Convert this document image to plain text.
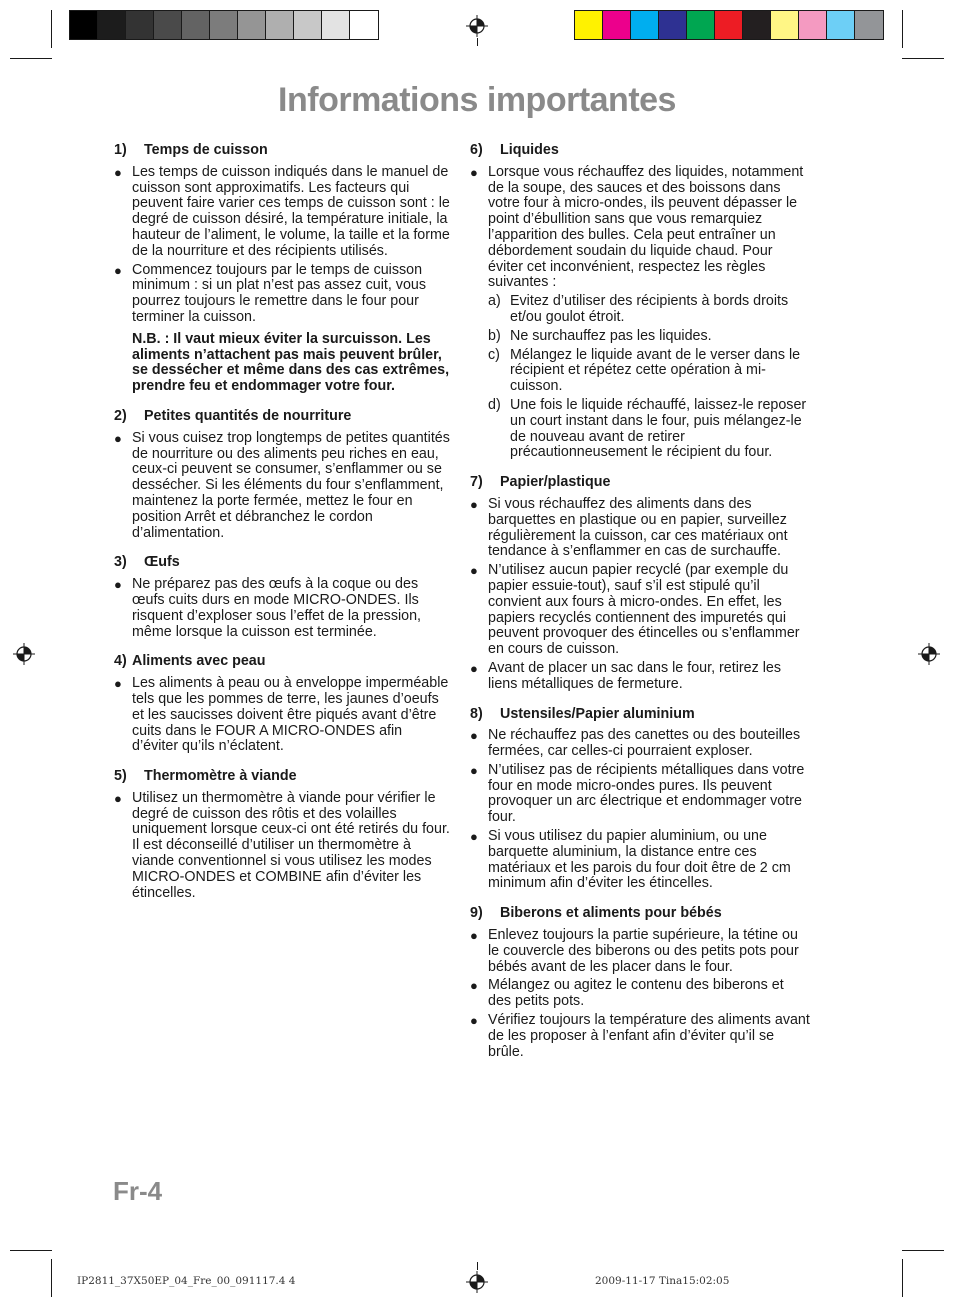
Informations importantes
1)	Temps de cuisson
● Les temps de cuisson indiqués dans le manuel de cuisson sont approximatifs. Les facteurs qui peuvent faire varier ces temps de cuisson sont : le degré de cuisson désiré, la température initiale, la hauteur de l’aliment, le volume, la taille et la forme de la nourriture et des récipients utilisés.
● Commencez toujours par le temps de cuisson minimum : si un plat n’est pas assez cuit, vous pourrez toujours le remettre dans le four pour terminer la cuisson.
N.B. : Il vaut mieux éviter la surcuisson. Les aliments n’attachent pas mais peuvent brûler, se dessécher et même dans des cas extrêmes, prendre feu et endommager votre four.
2)	Petites quantités de nourriture
● Si vous cuisez trop longtemps de petites quantités de nourriture ou des aliments peu riches en eau, ceux-ci peuvent se consumer, s’enflammer ou se dessécher. Si les éléments du four s’enflamment, maintenez la porte fermée, mettez le four en position Arrêt et débranchez le cordon d’alimentation.
3)	Œufs
● Ne préparez pas des œufs à la coque ou des œufs cuits durs en mode MICRO-ONDES. Ils risquent d’exploser sous l’effet de la pression, même lorsque la cuisson est terminée.
4) Aliments avec peau
● Les aliments à peau ou à enveloppe imperméable tels que les pommes de terre, les jaunes d’oeufs et les saucisses doivent être piqués avant d’être cuits dans le FOUR A MICRO-ONDES afin d’éviter qu’ils n’éclatent.
5)	Thermomètre à viande
● Utilisez un thermomètre à viande pour vérifier le degré de cuisson des rôtis et des volailles uniquement lorsque ceux-ci ont été retirés du four. Il est déconseillé d’utiliser un thermomètre à viande conventionnel si vous utilisez les modes MICRO-ONDES et COMBINE afin d’éviter les étincelles.
6)	Liquides
● Lorsque vous réchauffez des liquides, notamment de la soupe, des sauces et des boissons dans votre four à micro-ondes, ils peuvent dépasser le point d’ébullition sans que vous remarquiez l’apparition des bulles. Cela peut entraîner un débordement soudain du liquide chaud. Pour éviter cet inconvénient, respectez les règles suivantes :
a) Evitez d’utiliser des récipients à bords droits et/ou goulot étroit.
b) Ne surchauffez pas les liquides.
c) Mélangez le liquide avant de le verser dans le récipient et répétez cette opération à mi-cuisson.
d) Une fois le liquide réchauffé, laissez-le reposer un court instant dans le four, puis mélangez-le de nouveau avant de retirer précautionneusement le récipient du four.
7)	Papier/plastique
● Si vous réchauffez des aliments dans des barquettes en plastique ou en papier, surveillez régulièrement la cuisson, car ces matériaux ont tendance à s’enflammer en cas de surchauffe.
● N’utilisez aucun papier recyclé (par exemple du papier essuie-tout), sauf s’il est stipulé qu’il convient aux fours à micro-ondes. En effet, les papiers recyclés contiennent des impuretés qui peuvent provoquer des étincelles ou s’enflammer en cours de cuisson.
● Avant de placer un sac dans le four, retirez les liens métalliques de fermeture.
8)	Ustensiles/Papier aluminium
● Ne réchauffez pas des canettes ou des bouteilles fermées, car celles-ci pourraient exploser.
● N’utilisez pas de récipients métalliques dans votre four en mode micro-ondes pures. Ils peuvent provoquer un arc électrique et endommager votre four.
● Si vous utilisez du papier aluminium, ou une barquette aluminium, la distance entre ces matériaux et les parois du four doit être de 2 cm minimum afin d’éviter les étincelles.
9)	Biberons et aliments pour bébés
● Enlevez toujours la partie supérieure, la tétine ou le couvercle des biberons ou des petits pots pour bébés avant de les placer dans le four.
● Mélangez ou agitez le contenu des biberons et des petits pots.
● Vérifiez toujours la température des aliments avant de les proposer à l’enfant afin d’éviter qu’il se brûle.
Fr-4
IP2811_37X50EP_04_Fre_00_091117.4 4	2009-11-17 Tina15:02:05
